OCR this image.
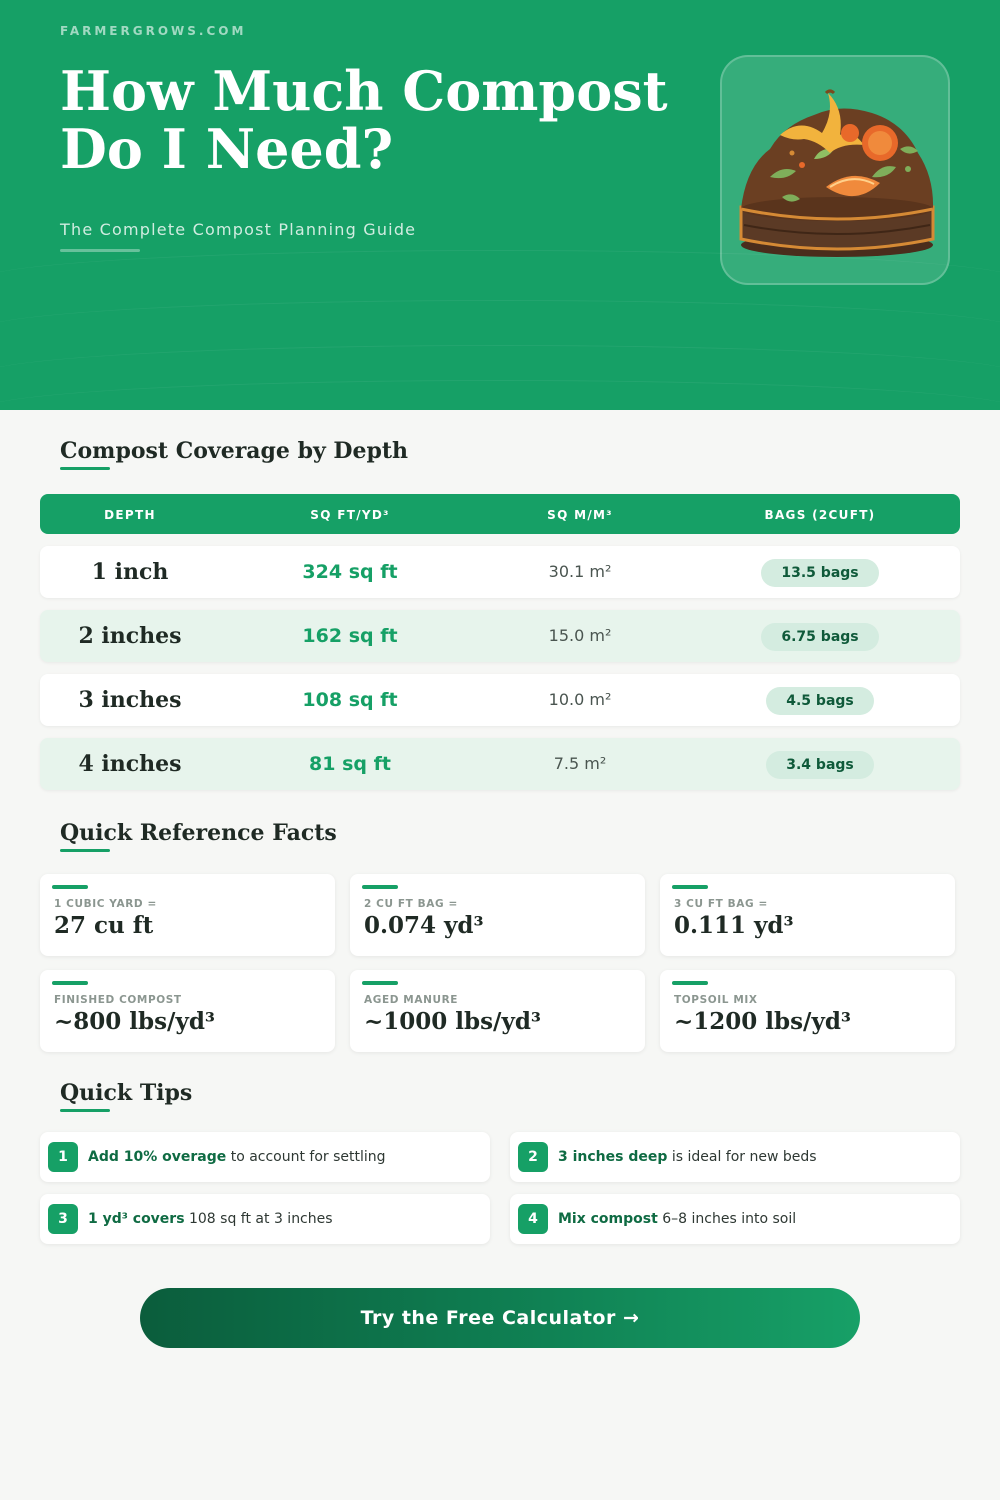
FARMERGROWS.COM
How Much Compost
Do I Need?
The Complete Compost Planning Guide
Compost Coverage by Depth
DEPTH	SQ FT/YD³	SQ M/M³	BAGS (2CUFT)
1 inch	324 sq ft	30.1 m²	13.5 bags
2 inches	162 sq ft	15.0 m²	6.75 bags
3 inches	108 sq ft	10.0 m²	4.5 bags
4 inches	81 sq ft	7.5 m²	3.4 bags
Quick Reference Facts
1 CUBIC YARD =
27 cu ft
2 CU FT BAG =
0.074 yd³
3 CU FT BAG =
0.111 yd³
FINISHED COMPOST
~800 lbs/yd³
AGED MANURE
~1000 lbs/yd³
TOPSOIL MIX
~1200 lbs/yd³
Quick Tips
1	Add 10% overage to account for settling	2	3 inches deep is ideal for new beds
3	1 yd³ covers 108 sq ft at 3 inches	4	Mix compost 6–8 inches into soil
Try the Free Calculator →
